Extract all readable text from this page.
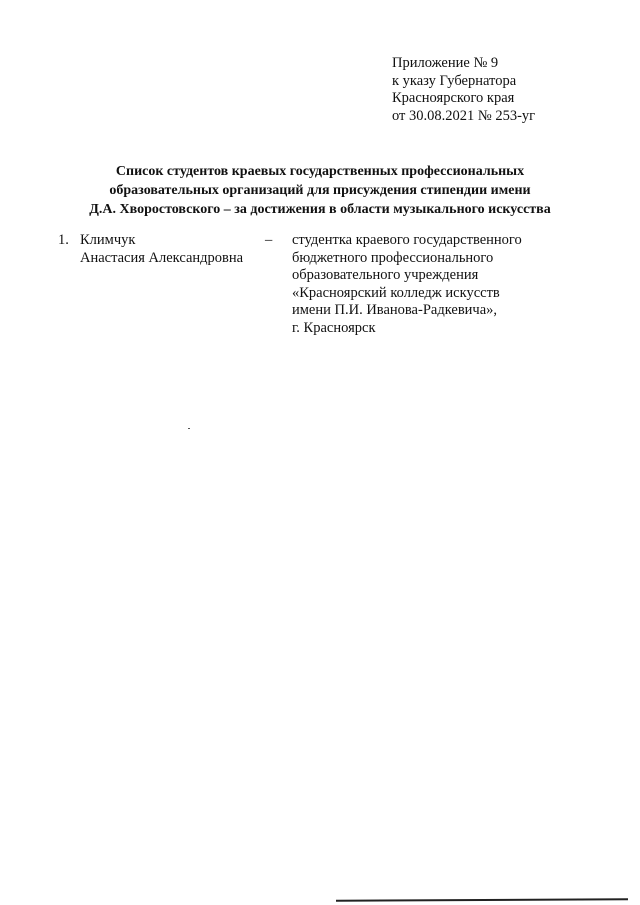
Приложение № 9
к указу Губернатора
Красноярского края
от 30.08.2021 № 253-уг
Список студентов краевых государственных профессиональных
образовательных организаций для присуждения стипендии имени
Д.А. Хворостовского – за достижения в области музыкального искусства
1. Климчук
Анастасия Александровна
– студентка краевого государственного
бюджетного профессионального
образовательного учреждения
«Красноярский колледж искусств
имени П.И. Иванова-Радкевича»,
г. Красноярск
